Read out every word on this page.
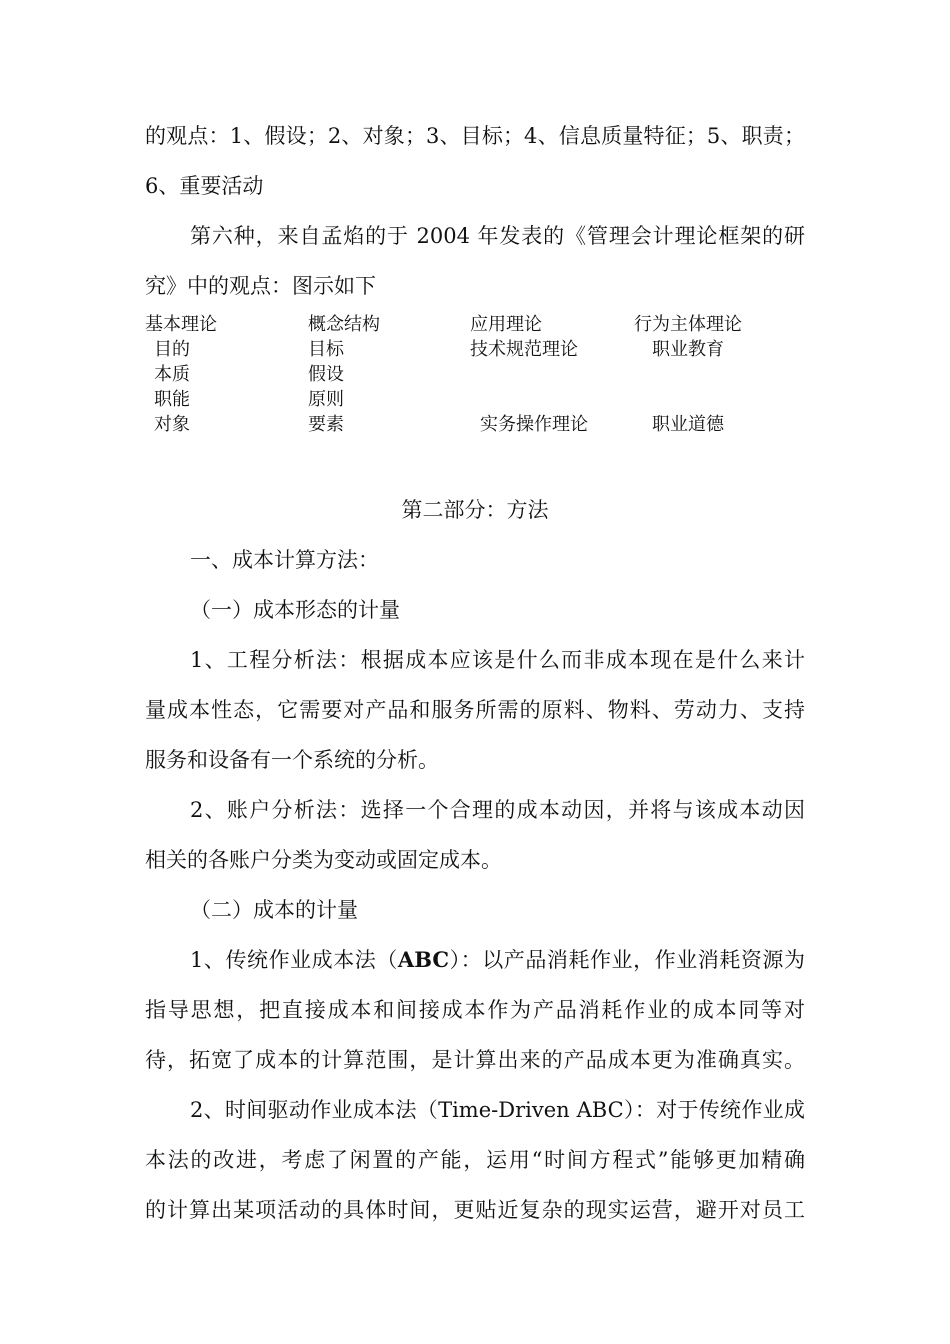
的观点：1、假设；2、对象；3、目标；4、信息质量特征；5、职责；
6、重要活动
第六种，来自孟焰的于 2004 年发表的《管理会计理论框架的研
究》中的观点：图示如下
基本理论	概念结构	应用理论	行为主体理论
目的	目标	技术规范理论	职业教育
本质	假设
职能	原则
对象	要素	实务操作理论	职业道德
第二部分：方法
一、成本计算方法：
（一）成本形态的计量
1、工程分析法：根据成本应该是什么而非成本现在是什么来计
量成本性态，它需要对产品和服务所需的原料、物料、劳动力、支持
服务和设备有一个系统的分析。
2、账户分析法：选择一个合理的成本动因，并将与该成本动因
相关的各账户分类为变动或固定成本。
（二）成本的计量
1、传统作业成本法（ABC）：以产品消耗作业，作业消耗资源为
指导思想，把直接成本和间接成本作为产品消耗作业的成本同等对
待，拓宽了成本的计算范围，是计算出来的产品成本更为准确真实。
2、时间驱动作业成本法（Time-Driven ABC）：对于传统作业成
本法的改进，考虑了闲置的产能，运用“时间方程式”能够更加精确
的计算出某项活动的具体时间，更贴近复杂的现实运营，避开对员工
